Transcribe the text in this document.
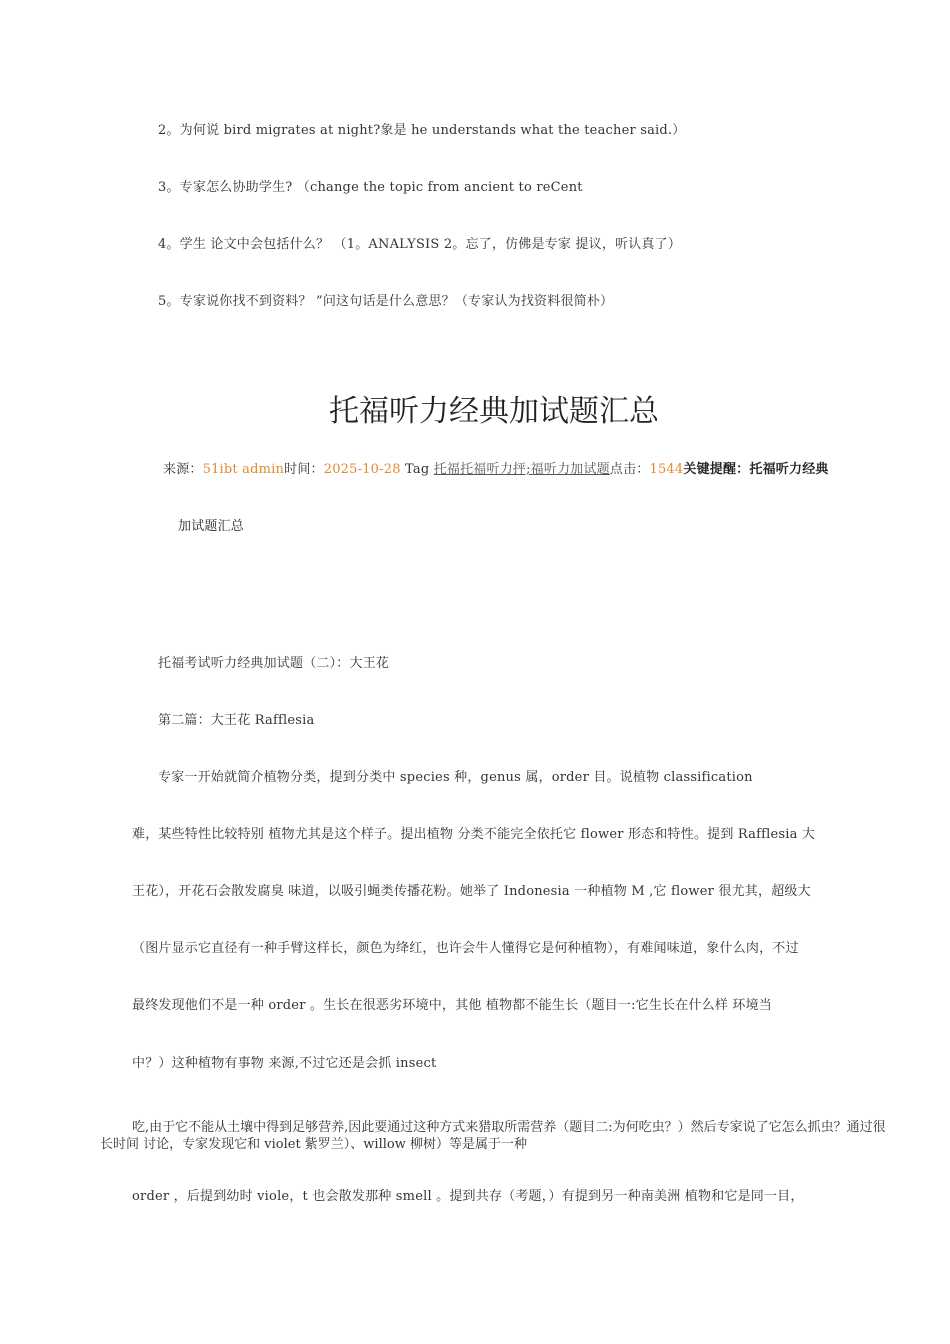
2。为何说 bird migrates at night?象是 he understands what the teacher said.）
3。专家怎么协助学生? （change the topic from ancient to reCent
4。学生 论文中会包括什么？ （1。ANALYSIS 2。忘了，仿佛是专家 提议，听认真了）
5。专家说你找不到资料？ ”问这句话是什么意思？（专家认为找资料很简朴）
托福听力经典加试题汇总
来源：51ibt admin时间：2025-10-28 Tag 托福托福听力抨;福听力加试题点击：1544关键提醒：托福听力经典
加试题汇总
托福考试听力经典加试题（二）：大王花
第二篇：大王花 Rafflesia
专家一开始就简介植物分类，提到分类中 species 种，genus 属，order 目。说植物 classification
难，某些特性比较特别 植物尤其是这个样子。提出植物 分类不能完全依托它 flower 形态和特性。提到 Rafflesia 大
王花），开花石会散发腐臭 味道，以吸引蝇类传播花粉。她举了 Indonesia 一种植物 M ,它 flower 很尤其，超级大
（图片显示它直径有一种手臂这样长，颜色为绛红，也许会牛人懂得它是何种植物），有难闻味道，象什么肉，不过
最终发现他们不是一种 order 。生长在很恶劣环境中，其他 植物都不能生长（题目一:它生长在什么样 环境当
中？）这种植物有事物 来源,不过它还是会抓 insect
吃,由于它不能从土壤中得到足够营养,因此要通过这种方式来猎取所需营养（题目二:为何吃虫？）然后专家说了它怎么抓虫？通过很长时间 讨论，专家发现它和 violet 紫罗兰）、willow 柳树）等是属于一种
order ，后提到幼时 viole，t 也会散发那种 smell 。提到共存（考题，）有提到另一种南美洲 植物和它是同一目，
